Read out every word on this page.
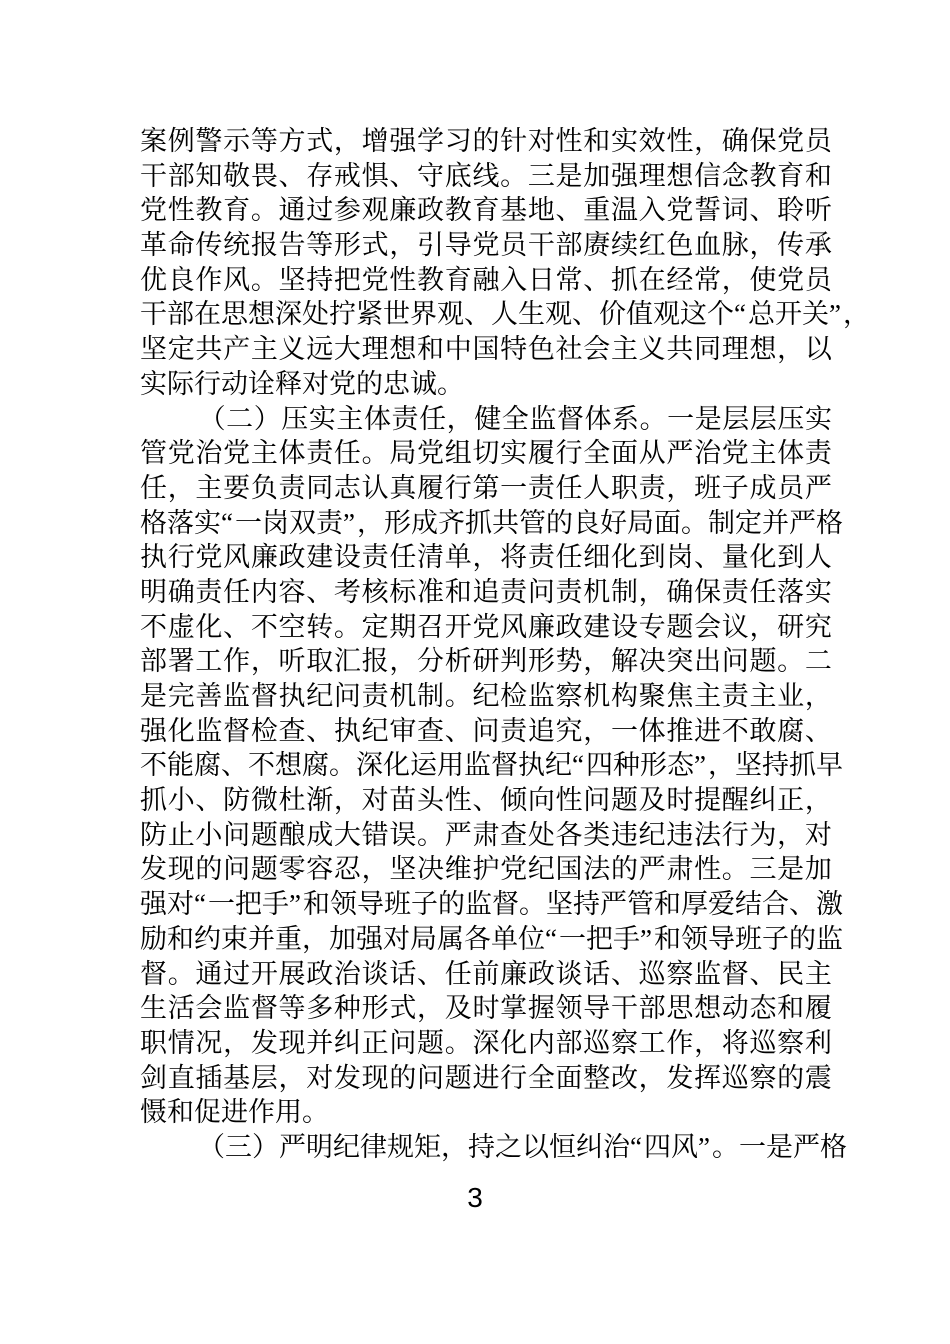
案 例 警 示 等 方 式 ， 增 强 学 习 的 针 对 性 和 实 效 性 ， 确 保 党 员
干 部 知 敬 畏 、 存 戒 惧 、 守 底 线 。 三 是 加 强 理 想 信 念 教 育 和
党 性 教 育 。 通 过 参 观 廉 政 教 育 基 地 、 重 温 入 党 誓 词 、 聆 听
革 命 传 统 报 告 等 形 式 ， 引 导 党 员 干 部 赓 续 红 色 血 脉 ， 传 承
优 良 作 风 。 坚 持 把 党 性 教 育 融 入 日 常 、 抓 在 经 常 ， 使 党 员
干 部 在 思 想 深 处 拧 紧 世 界 观 、 人 生 观 、 价 值 观 这 个 “ 总 开 关 ” ，
坚 定 共 产 主 义 远 大 理 想 和 中 国 特 色 社 会 主 义 共 同 理 想 ， 以
实 际 行 动 诠 释 对 党 的 忠 诚 。
（ 二 ） 压 实 主 体 责 任 ， 健 全 监 督 体 系 。 一 是 层 层 压 实
管 党 治 党 主 体 责 任 。 局 党 组 切 实 履 行 全 面 从 严 治 党 主 体 责
任 ， 主 要 负 责 同 志 认 真 履 行 第 一 责 任 人 职 责 ， 班 子 成 员 严
格 落 实 “ 一 岗 双 责 ” ， 形 成 齐 抓 共 管 的 良 好 局 面 。 制 定 并 严 格
执 行 党 风 廉 政 建 设 责 任 清 单 ， 将 责 任 细 化 到 岗 、 量 化 到 人
明 确 责 任 内 容 、 考 核 标 准 和 追 责 问 责 机 制 ， 确 保 责 任 落 实
不 虚 化 、 不 空 转 。 定 期 召 开 党 风 廉 政 建 设 专 题 会 议 ， 研 究
部 署 工 作 ， 听 取 汇 报 ， 分 析 研 判 形 势 ， 解 决 突 出 问 题 。 二
是 完 善 监 督 执 纪 问 责 机 制 。 纪 检 监 察 机 构 聚 焦 主 责 主 业 ，
强 化 监 督 检 查 、 执 纪 审 查 、 问 责 追 究 ， 一 体 推 进 不 敢 腐 、
不 能 腐 、 不 想 腐 。 深 化 运 用 监 督 执 纪 “ 四 种 形 态 ” ， 坚 持 抓 早
抓 小 、 防 微 杜 渐 ， 对 苗 头 性 、 倾 向 性 问 题 及 时 提 醒 纠 正 ，
防 止 小 问 题 酿 成 大 错 误 。 严 肃 查 处 各 类 违 纪 违 法 行 为 ， 对
发 现 的 问 题 零 容 忍 ， 坚 决 维 护 党 纪 国 法 的 严 肃 性 。 三 是 加
强 对 “ 一 把 手 ” 和 领 导 班 子 的 监 督 。 坚 持 严 管 和 厚 爱 结 合 、 激
励 和 约 束 并 重 ， 加 强 对 局 属 各 单 位 “ 一 把 手 ” 和 领 导 班 子 的 监
督 。 通 过 开 展 政 治 谈 话 、 任 前 廉 政 谈 话 、 巡 察 监 督 、 民 主
生 活 会 监 督 等 多 种 形 式 ， 及 时 掌 握 领 导 干 部 思 想 动 态 和 履
职 情 况 ， 发 现 并 纠 正 问 题 。 深 化 内 部 巡 察 工 作 ， 将 巡 察 利
剑 直 插 基 层 ， 对 发 现 的 问 题 进 行 全 面 整 改 ， 发 挥 巡 察 的 震
慑 和 促 进 作 用 。
（ 三 ） 严 明 纪 律 规 矩 ， 持 之 以 恒 纠 治 “ 四 风 ” 。 一 是 严 格
3
